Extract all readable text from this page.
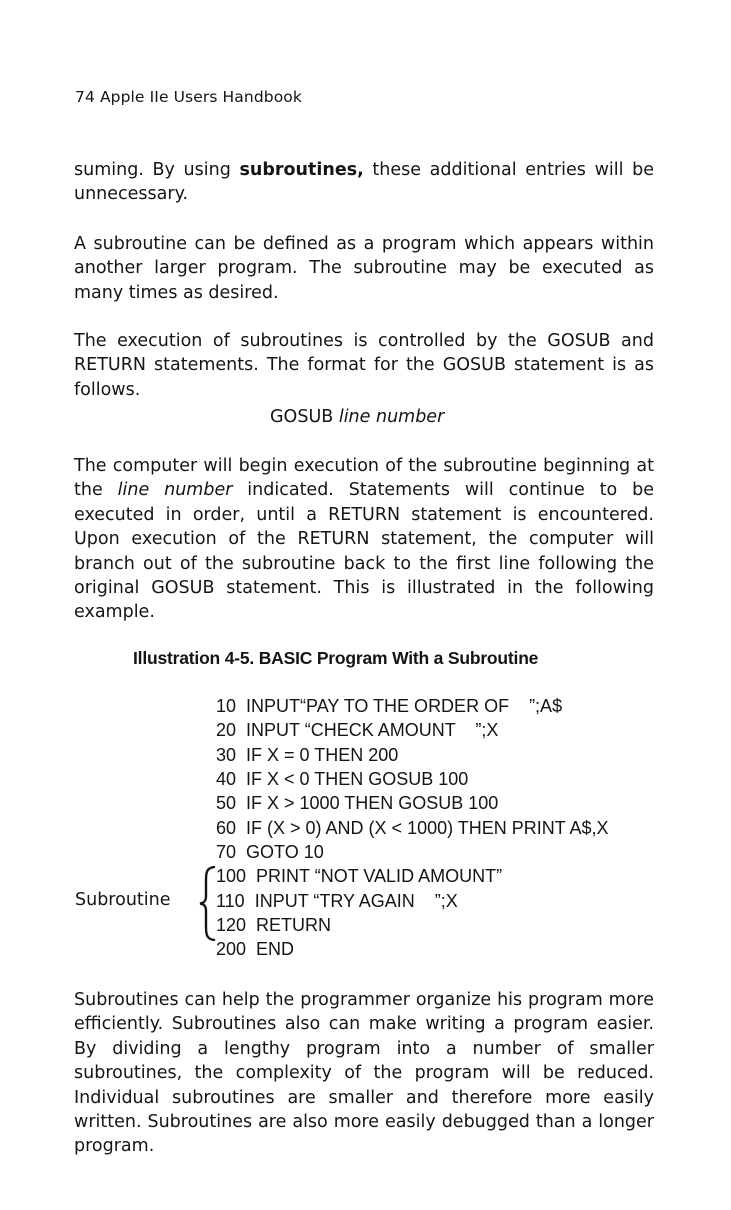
74 Apple IIe Users Handbook

suming. By using subroutines, these additional entries will be unnecessary.

A subroutine can be defined as a program which appears within another larger program. The subroutine may be executed as many times as desired.

The execution of subroutines is controlled by the GOSUB and RETURN statements. The format for the GOSUB statement is as follows.

GOSUB line number

The computer will begin execution of the subroutine beginning at the line number indicated. Statements will continue to be executed in order, until a RETURN statement is encountered. Upon execution of the RETURN statement, the computer will branch out of the subroutine back to the first line following the original GOSUB statement. This is illustrated in the following example.

Illustration 4-5. BASIC Program With a Subroutine
10  INPUT“PAY TO THE ORDER OF    ”;A$
20  INPUT “CHECK AMOUNT    ”;X
30  IF X = 0 THEN 200
40  IF X < 0 THEN GOSUB 100
50  IF X > 1000 THEN GOSUB 100
60  IF (X > 0) AND (X < 1000) THEN PRINT A$,X
70  GOTO 10
100  PRINT “NOT VALID AMOUNT”
110  INPUT “TRY AGAIN    ”;X
120  RETURN
200  END
Subroutine

Subroutines can help the programmer organize his program more efficiently. Subroutines also can make writing a program easier. By dividing a lengthy program into a number of smaller subroutines, the complexity of the program will be reduced. Individual subroutines are smaller and therefore more easily written. Subroutines are also more easily debugged than a longer program.
